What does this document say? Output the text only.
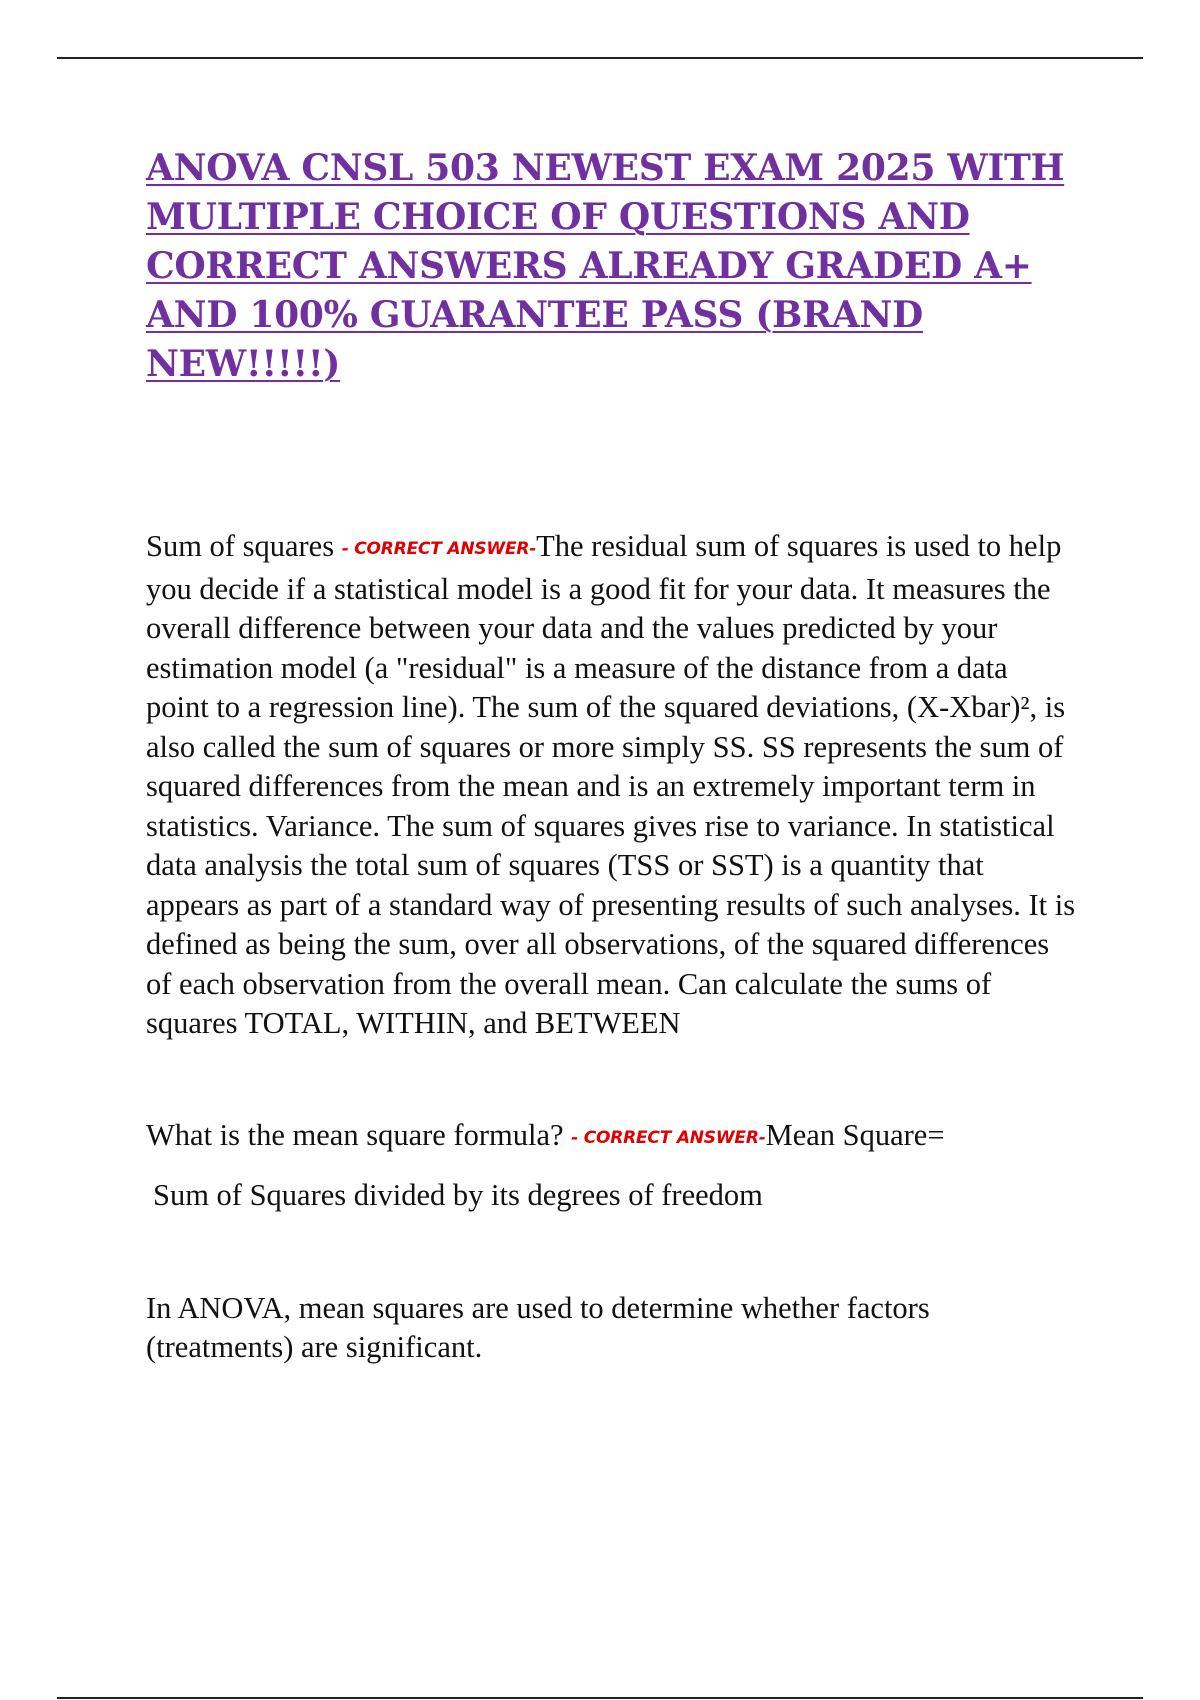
ANOVA CNSL 503 NEWEST EXAM 2025 WITH MULTIPLE CHOICE OF QUESTIONS AND CORRECT ANSWERS ALREADY GRADED A+ AND 100% GUARANTEE PASS (BRAND NEW!!!!!)

Sum of squares - CORRECT ANSWER-The residual sum of squares is used to help you decide if a statistical model is a good fit for your data. It measures the overall difference between your data and the values predicted by your estimation model (a "residual" is a measure of the distance from a data point to a regression line). The sum of the squared deviations, (X-Xbar)², is also called the sum of squares or more simply SS. SS represents the sum of squared differences from the mean and is an extremely important term in statistics. Variance. The sum of squares gives rise to variance. In statistical data analysis the total sum of squares (TSS or SST) is a quantity that appears as part of a standard way of presenting results of such analyses. It is defined as being the sum, over all observations, of the squared differences of each observation from the overall mean. Can calculate the sums of squares TOTAL, WITHIN, and BETWEEN

What is the mean square formula? - CORRECT ANSWER-Mean Square=

Sum of Squares divided by its degrees of freedom

In ANOVA, mean squares are used to determine whether factors (treatments) are significant.
